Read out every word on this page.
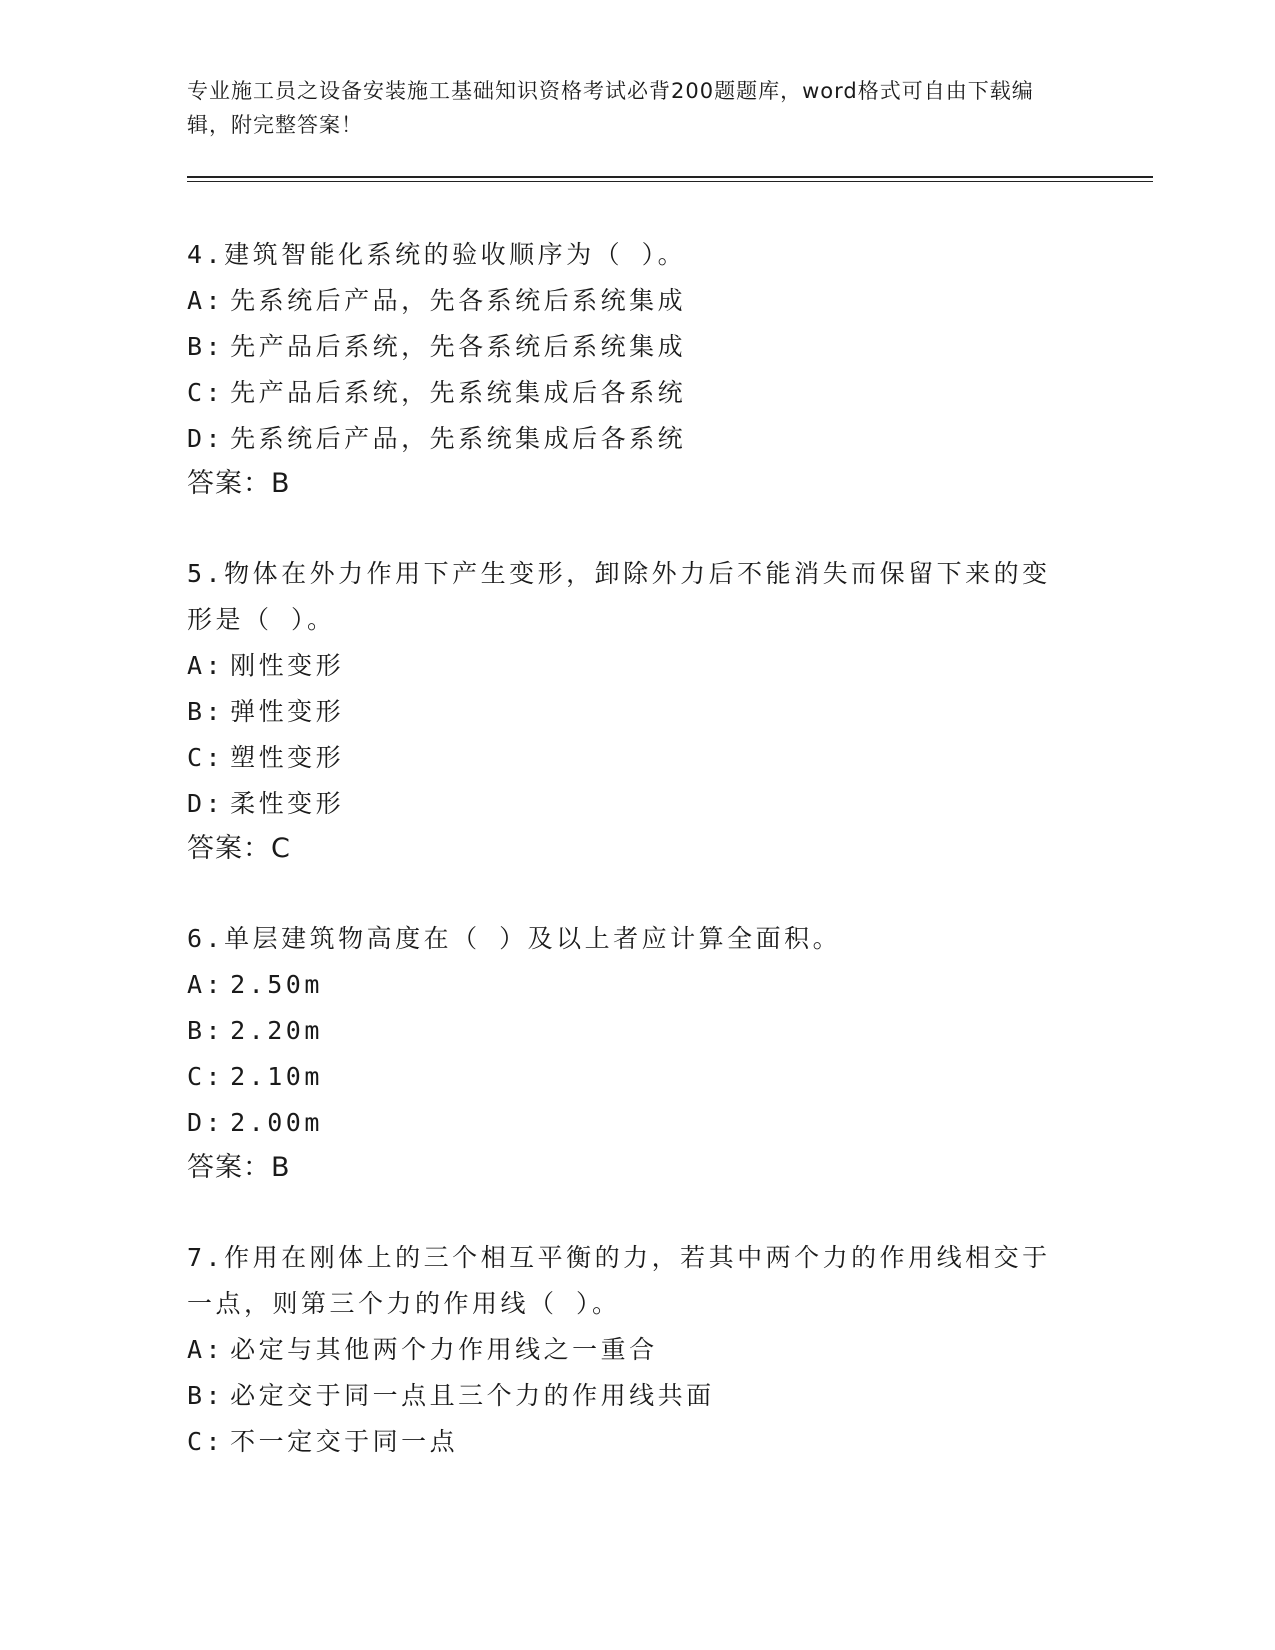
专业施工员之设备安装施工基础知识资格考试必背200题题库，word格式可自由下载编辑，附完整答案！

4.建筑智能化系统的验收顺序为（ ）。

A: 先系统后产品，先各系统后系统集成

B: 先产品后系统，先各系统后系统集成

C: 先产品后系统，先系统集成后各系统

D: 先系统后产品，先系统集成后各系统

答案：B

5.物体在外力作用下产生变形，卸除外力后不能消失而保留下来的变形是（ ）。

A: 刚性变形

B: 弹性变形

C: 塑性变形

D: 柔性变形

答案：C

6.单层建筑物高度在（ ）及以上者应计算全面积。

A: 2.50m

B: 2.20m

C: 2.10m

D: 2.00m

答案：B

7.作用在刚体上的三个相互平衡的力，若其中两个力的作用线相交于一点，则第三个力的作用线（ ）。

A: 必定与其他两个力作用线之一重合

B: 必定交于同一点且三个力的作用线共面

C: 不一定交于同一点
